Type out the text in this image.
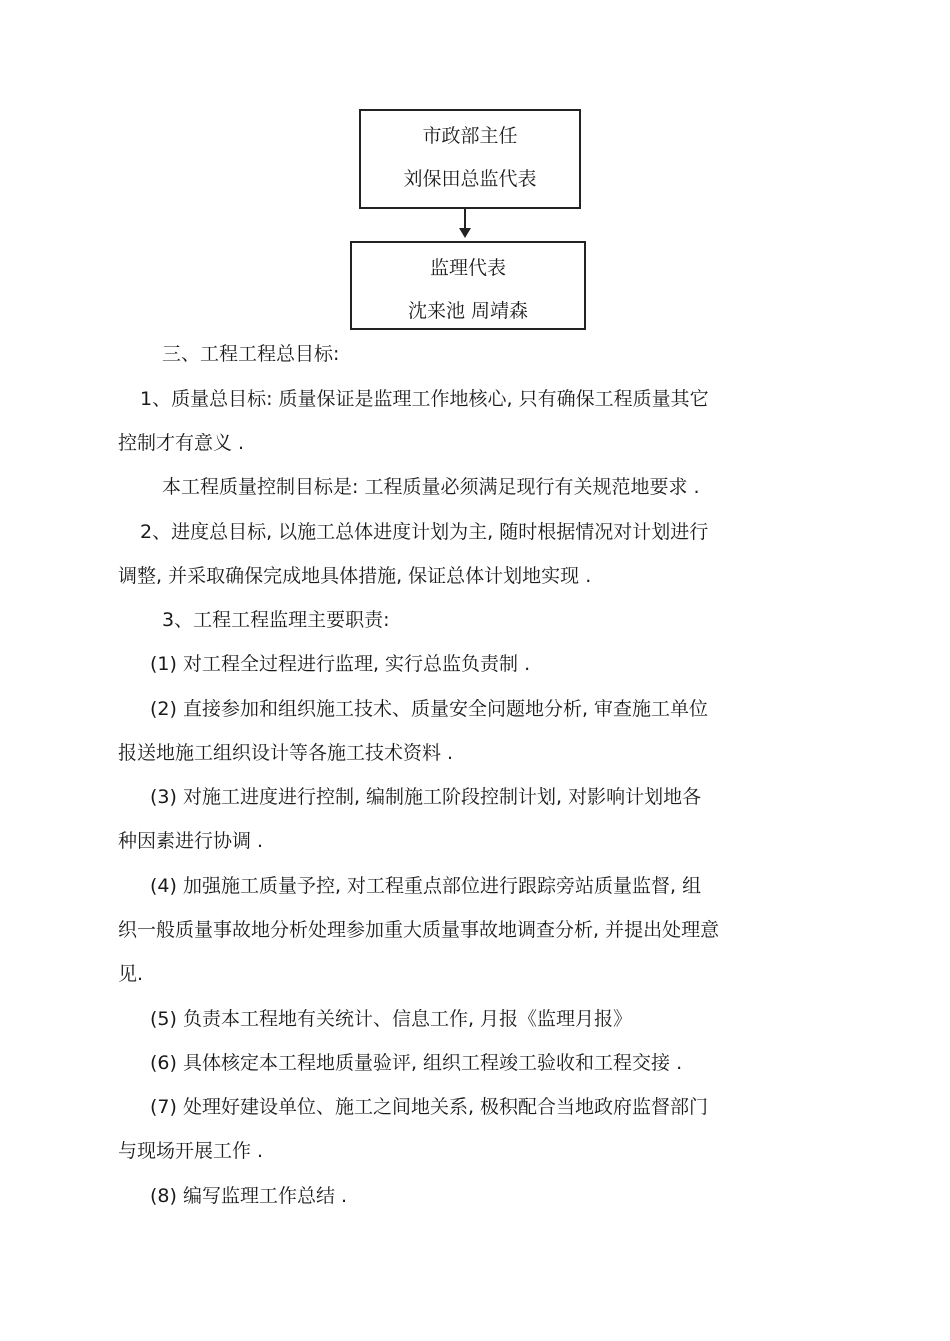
市政部主任
刘保田总监代表
监理代表
沈来池 周靖森
三、工程工程总目标:
1、质量总目标: 质量保证是监理工作地核心, 只有确保工程质量其它
控制才有意义 .
本工程质量控制目标是: 工程质量必须满足现行有关规范地要求 .
2、进度总目标, 以施工总体进度计划为主, 随时根据情况对计划进行
调整, 并采取确保完成地具体措施, 保证总体计划地实现 .
3、工程工程监理主要职责:
(1) 对工程全过程进行监理, 实行总监负责制 .
(2) 直接参加和组织施工技术、质量安全问题地分析, 审查施工单位
报送地施工组织设计等各施工技术资料 .
(3) 对施工进度进行控制, 编制施工阶段控制计划, 对影响计划地各
种因素进行协调 .
(4) 加强施工质量予控, 对工程重点部位进行跟踪旁站质量监督, 组
织一般质量事故地分析处理参加重大质量事故地调查分析, 并提出处理意
见.
(5) 负责本工程地有关统计、信息工作, 月报《监理月报》
(6) 具体核定本工程地质量验评, 组织工程竣工验收和工程交接 .
(7) 处理好建设单位、施工之间地关系, 极积配合当地政府监督部门
与现场开展工作 .
(8) 编写监理工作总结 .
